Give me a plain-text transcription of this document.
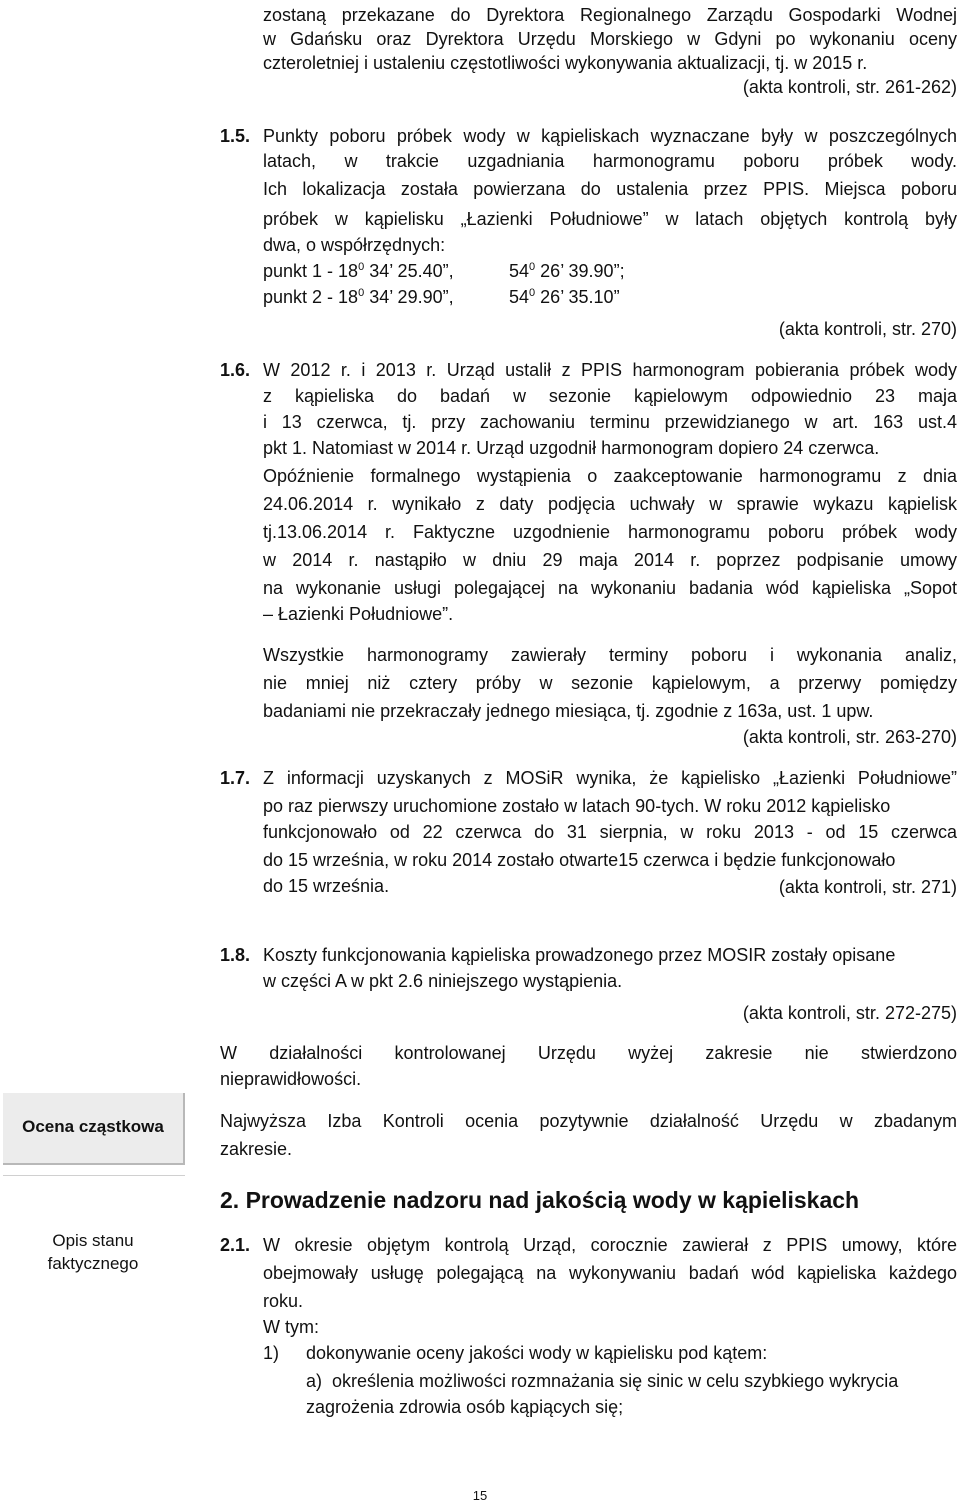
zostaną przekazane do Dyrektora Regionalnego Zarządu Gospodarki Wodnej
w Gdańsku oraz Dyrektora Urzędu Morskiego w Gdyni po wykonaniu oceny
czteroletniej i ustaleniu częstotliwości wykonywania aktualizacji, tj. w 2015 r.
(akta kontroli, str. 261-262)
1.5. Punkty poboru próbek wody w kąpieliskach wyznaczane były w poszczególnych
latach, w trakcie uzgadniania harmonogramu poboru próbek wody.
Ich lokalizacja została powierzana do ustalenia przez PPIS. Miejsca poboru
próbek w kąpielisku „Łazienki Południowe” w latach objętych kontrolą były
dwa, o współrzędnych:
punkt $1 - 18^0$ 34’ 25.40”,	$54^0$ 26’ 39.90”;
punkt $2 - 18^0$ 34’ 29.90”,	$54^0$ 26’ 35.10”
(akta kontroli, str. 270)
1.6. W 2012 r. i 2013 r. Urząd ustalił z PPIS harmonogram pobierania próbek wody
z kąpieliska do badań w sezonie kąpielowym odpowiednio 23 maja
i 13 czerwca, tj. przy zachowaniu terminu przewidzianego w art. 163 ust.4
pkt 1. Natomiast w 2014 r. Urząd uzgodnił harmonogram dopiero 24 czerwca.
Opóźnienie formalnego wystąpienia o zaakceptowanie harmonogramu z dnia
24.06.2014 r. wynikało z daty podjęcia uchwały w sprawie wykazu kąpielisk
tj.13.06.2014 r. Faktyczne uzgodnienie harmonogramu poboru próbek wody
w 2014 r. nastąpiło w dniu 29 maja 2014 r. poprzez podpisanie umowy
na wykonanie usługi polegającej na wykonaniu badania wód kąpieliska „Sopot
– Łazienki Południowe”.
Wszystkie harmonogramy zawierały terminy poboru i wykonania analiz,
nie mniej niż cztery próby w sezonie kąpielowym, a przerwy pomiędzy
badaniami nie przekraczały jednego miesiąca, tj. zgodnie z 163a, ust. 1 upw.
(akta kontroli, str. 263-270)
1.7. Z informacji uzyskanych z MOSiR wynika, że kąpielisko „Łazienki Południowe”
po raz pierwszy uruchomione zostało w latach 90-tych. W roku 2012 kąpielisko
funkcjonowało od 22 czerwca do 31 sierpnia, w roku 2013 - od 15 czerwca
do 15 września, w roku 2014 zostało otwarte15 czerwca i będzie funkcjonowało
do 15 września.	(akta kontroli, str. 271)
1.8. Koszty funkcjonowania kąpieliska prowadzonego przez MOSIR zostały opisane
w części A w pkt 2.6 niniejszego wystąpienia.
(akta kontroli, str. 272-275)
W działalności kontrolowanej Urzędu wyżej zakresie nie stwierdzono
nieprawidłowości.
Ocena cząstkowa
Opis stanu
faktycznego
Najwyższa Izba Kontroli ocenia pozytywnie działalność Urzędu w zbadanym
zakresie.
2. Prowadzenie nadzoru nad jakością wody w kąpieliskach
2.1. W okresie objętym kontrolą Urząd, corocznie zawierał z PPIS umowy, które
obejmowały usługę polegającą na wykonywaniu badań wód kąpieliska każdego
roku.
W tym:
1) dokonywanie oceny jakości wody w kąpielisku pod kątem:
a) określenia możliwości rozmnażania się sinic w celu szybkiego wykrycia
zagrożenia zdrowia osób kąpiących się;
15
